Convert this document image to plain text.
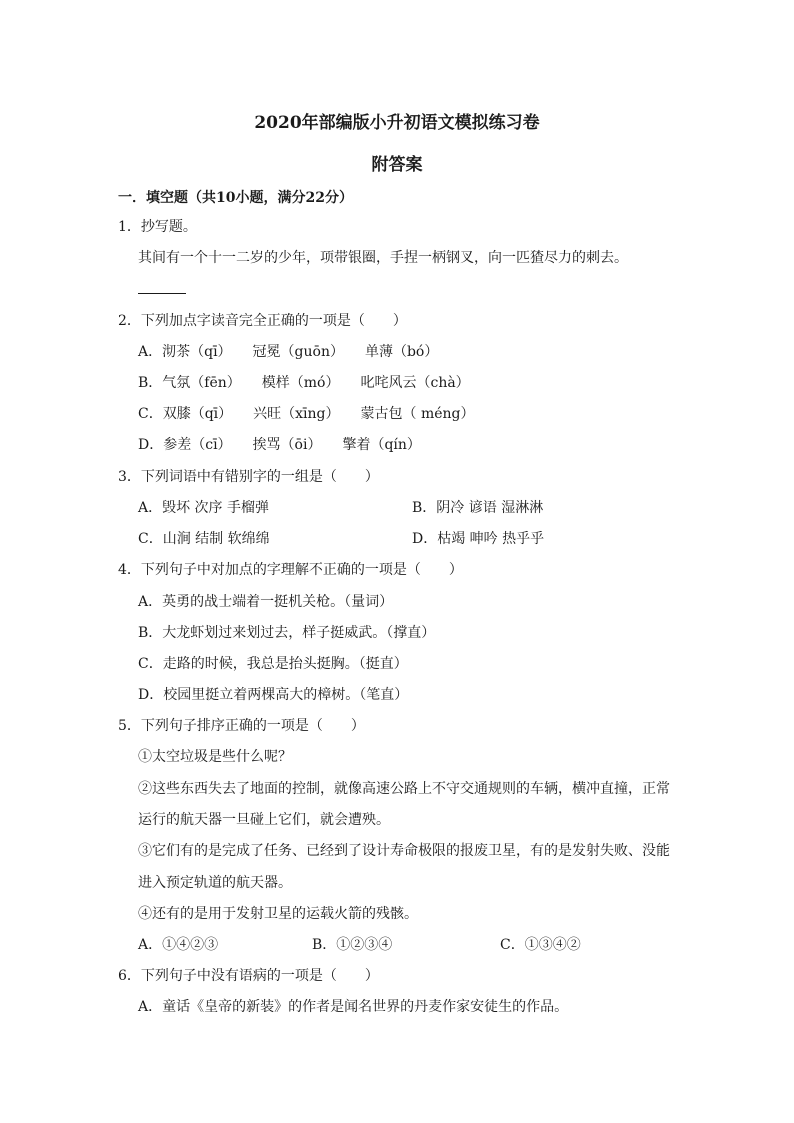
2020年部编版小升初语文模拟练习卷
附答案
一．填空题（共10小题，满分22分）
1．抄写题。
其间有一个十一二岁的少年，项带银圈，手捏一柄钢叉，向一匹猹尽力的刺去。
2．下列加点字读音完全正确的一项是（　　）
A．沏茶（qī）　　冠冕（guōn）　　单薄（bó）
B．气氛（fēn）　　模样（mó）　　叱咤风云（chà）
C．双膝（qī）　　兴旺（xīng）　　蒙古包（ méng）
D．参差（cī）　　挨骂（ōi）　　擎着（qín）
3．下列词语中有错别字的一组是（　　）
A．毁坏 次序 手榴弹	B．阴冷 谚语 湿淋淋
C．山涧 结制 软绵绵	D．枯竭 呻吟 热乎乎
4．下列句子中对加点的字理解不正确的一项是（　　）
A．英勇的战士端着一挺机关枪。（量词）
B．大龙虾划过来划过去，样子挺威武。（撑直）
C．走路的时候，我总是抬头挺胸。（挺直）
D．校园里挺立着两棵高大的樟树。（笔直）
5．下列句子排序正确的一项是（　　）
①太空垃圾是些什么呢？
②这些东西失去了地面的控制，就像高速公路上不守交通规则的车辆，横冲直撞，正常
运行的航天器一旦碰上它们，就会遭殃。
③它们有的是完成了任务、已经到了设计寿命极限的报废卫星，有的是发射失败、没能
进入预定轨道的航天器。
④还有的是用于发射卫星的运载火箭的残骸。
A．①④②③	B．①②③④	C．①③④②
6．下列句子中没有语病的一项是（　　）
A．童话《皇帝的新装》的作者是闻名世界的丹麦作家安徒生的作品。
